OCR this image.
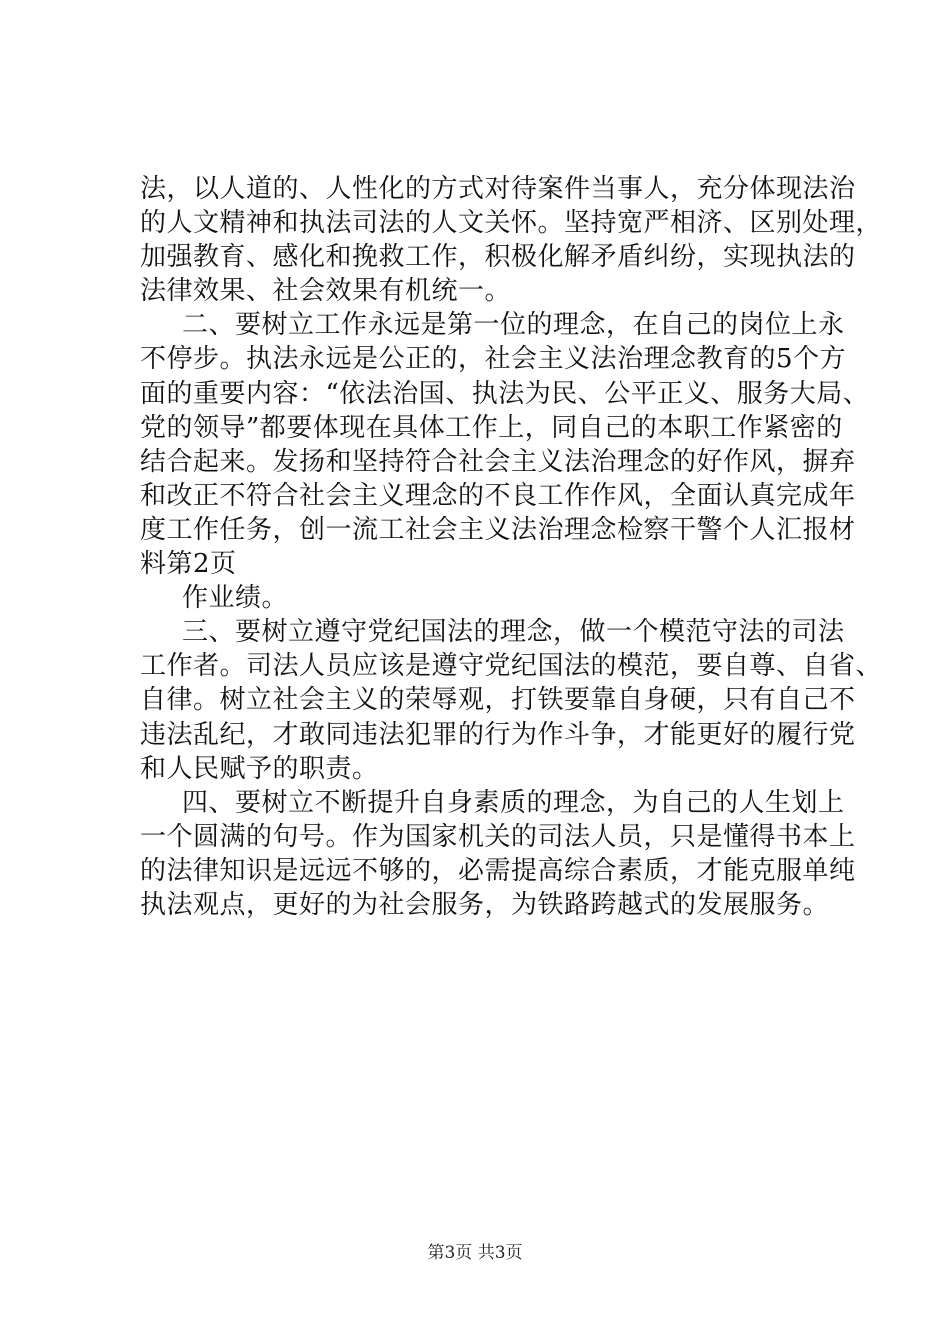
法，以人道的、人性化的方式对待案件当事人，充分体现法治
的人文精神和执法司法的人文关怀。坚持宽严相济、区别处理，
加强教育、感化和挽救工作，积极化解矛盾纠纷，实现执法的
法律效果、社会效果有机统一。
二、要树立工作永远是第一位的理念，在自己的岗位上永
不停步。执法永远是公正的，社会主义法治理念教育的5个方
面的重要内容：“依法治国、执法为民、公平正义、服务大局、
党的领导”都要体现在具体工作上，同自己的本职工作紧密的
结合起来。发扬和坚持符合社会主义法治理念的好作风，摒弃
和改正不符合社会主义理念的不良工作作风，全面认真完成年
度工作任务，创一流工社会主义法治理念检察干警个人汇报材
料第2页
作业绩。
三、要树立遵守党纪国法的理念，做一个模范守法的司法
工作者。司法人员应该是遵守党纪国法的模范，要自尊、自省、
自律。树立社会主义的荣辱观，打铁要靠自身硬，只有自己不
违法乱纪，才敢同违法犯罪的行为作斗争，才能更好的履行党
和人民赋予的职责。
四、要树立不断提升自身素质的理念，为自己的人生划上
一个圆满的句号。作为国家机关的司法人员，只是懂得书本上
的法律知识是远远不够的，必需提高综合素质，才能克服单纯
执法观点，更好的为社会服务，为铁路跨越式的发展服务。
第3页 共3页
